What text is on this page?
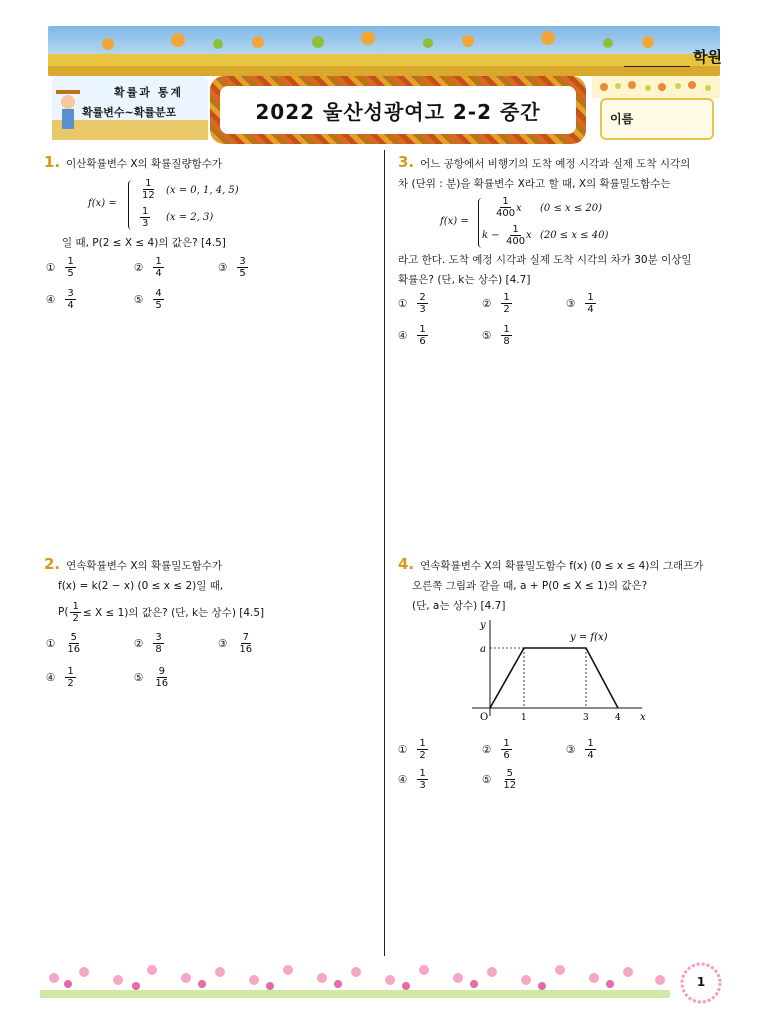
학원
확률과 통계
확률변수~확률분포	2022 울산성광여고 2-2 중간	이름
1. 이산확률변수 X의 확률질량함수가
f(x) =
$\frac{1}{12} (x = 0$, 1, 4, 5)
$\frac{1}{3} (x = 2$, 3)
일 때, P(2 ≤ X ≤ 4)의 값은? [4.5]
① $\frac{1}{5}$	② $\frac{1}{4}$	③ $\frac{3}{5}$
④ $\frac{3}{4}$	⑤ $\frac{4}{5}$
2. 연속확률변수 X의 확률밀도함수가
f(x) = k(2 − x) (0 ≤ x ≤ 2)일 때,
$P( \frac{1}{2} \le X \le 1)$의 값은? (단, k는 상수) [4.5]
① $\frac{5}{16}$	② $\frac{3}{8}$	③ $\frac{7}{16}$
④ $\frac{1}{2}$	⑤ $\frac{9}{16}$
3. 어느 공항에서 비행기의 도착 예정 시각과 실제 도착 시각의
차 (단위 : 분)을 확률변수 X라고 할 때, X의 확률밀도함수는
f(x) =
$\frac{1}{400}$
x (0 ≤ x ≤ 20)
$k - \frac{1}{400}$
x (20 ≤ x ≤ 40)
라고 한다. 도착 예정 시각과 실제 도착 시각의 차가 30분 이상일
확률은? (단, k는 상수) [4.7]
① $\frac{2}{3}$	② $\frac{1}{2}$	③ $\frac{1}{4}$
④ $\frac{1}{6}$	⑤ $\frac{1}{8}$
4. 연속확률변수 X의 확률밀도함수 f(x) (0 ≤ x ≤ 4)의 그래프가
오른쪽 그림과 같을 때, a + P(0 ≤ X ≤ 1)의 값은?
(단, a는 상수) [4.7]
y
x
O
a
y = f(x)
1	3	4
① $\frac{1}{2}$	② $\frac{1}{6}$	③ $\frac{1}{4}$
④ $\frac{1}{3}$	⑤ $\frac{5}{12}$
1
